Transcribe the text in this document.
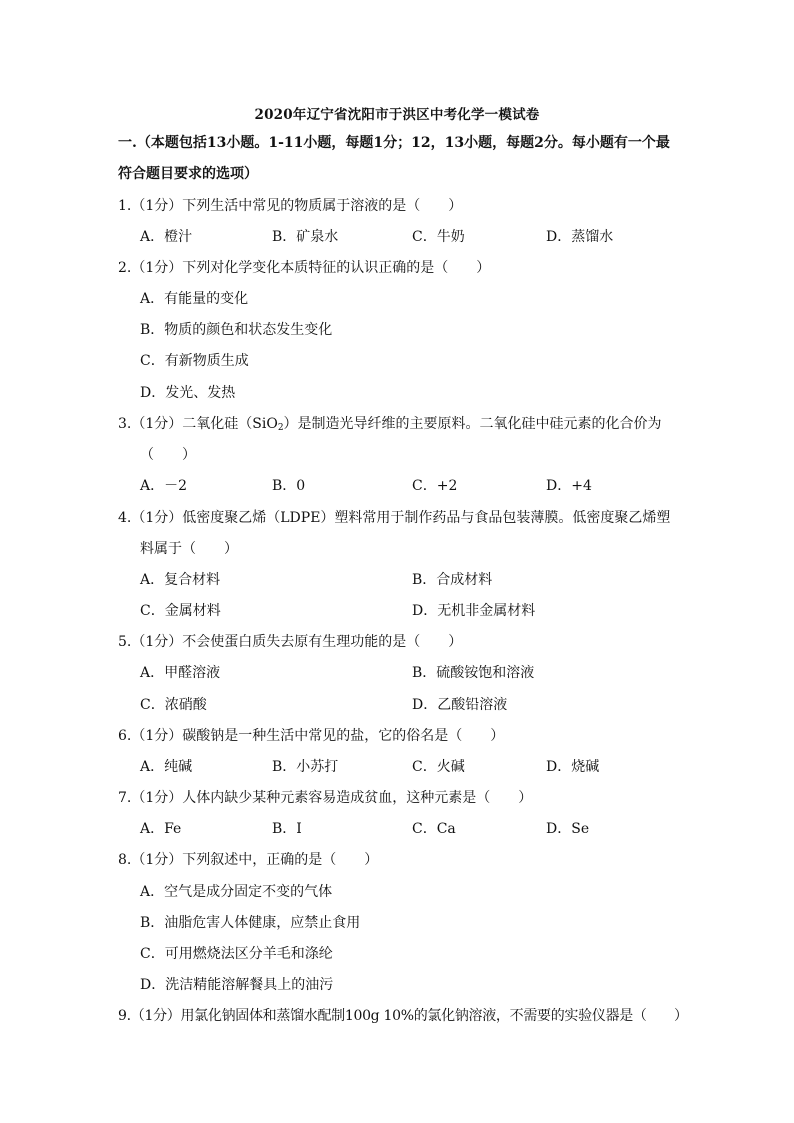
2020年辽宁省沈阳市于洪区中考化学一模试卷
一.（本题包括13小题。1-11小题，每题1分；12，13小题，每题2分。每小题有一个最
符合题目要求的选项）
1.（1分）下列生活中常见的物质属于溶液的是（　　）
A．橙汁	B．矿泉水	C．牛奶	D．蒸馏水
2.（1分）下列对化学变化本质特征的认识正确的是（　　）
A．有能量的变化
B．物质的颜色和状态发生变化
C．有新物质生成
D．发光、发热
3.（1分）二氧化硅（SiO$_2$）是制造光导纤维的主要原料。二氧化硅中硅元素的化合价为
（　　）
A．－2	B．0	C．+2	D．+4
4.（1分）低密度聚乙烯（LDPE）塑料常用于制作药品与食品包装薄膜。低密度聚乙烯塑
料属于（　　）
A．复合材料	B．合成材料
C．金属材料	D．无机非金属材料
5.（1分）不会使蛋白质失去原有生理功能的是（　　）
A．甲醛溶液	B．硫酸铵饱和溶液
C．浓硝酸	D．乙酸铅溶液
6.（1分）碳酸钠是一种生活中常见的盐，它的俗名是（　　）
A．纯碱	B．小苏打	C．火碱	D．烧碱
7.（1分）人体内缺少某种元素容易造成贫血，这种元素是（　　）
A．Fe	B．I	C．Ca	D．Se
8.（1分）下列叙述中，正确的是（　　）
A．空气是成分固定不变的气体
B．油脂危害人体健康，应禁止食用
C．可用燃烧法区分羊毛和涤纶
D．洗洁精能溶解餐具上的油污
9.（1分）用氯化钠固体和蒸馏水配制100g 10%的氯化钠溶液，不需要的实验仪器是（　　）
